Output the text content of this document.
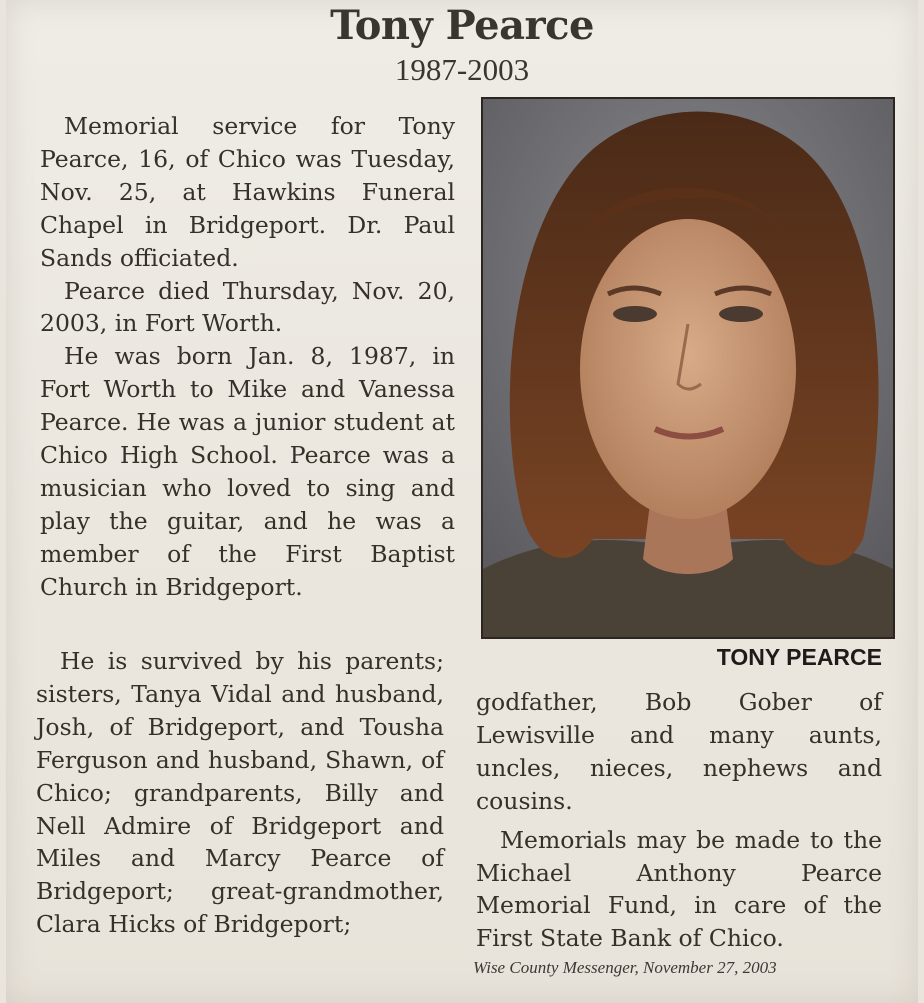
Tony Pearce
1987-2003

Memorial service for Tony Pearce, 16, of Chico was Tuesday, Nov. 25, at Hawkins Funeral Chapel in Bridgeport. Dr. Paul Sands officiated.

Pearce died Thursday, Nov. 20, 2003, in Fort Worth.

He was born Jan. 8, 1987, in Fort Worth to Mike and Vanessa Pearce. He was a junior student at Chico High School. Pearce was a musician who loved to sing and play the guitar, and he was a member of the First Baptist Church in Bridgeport.

He is survived by his parents; sisters, Tanya Vidal and husband, Josh, of Bridgeport, and Tousha Ferguson and husband, Shawn, of Chico; grandparents, Billy and Nell Admire of Bridgeport and Miles and Marcy Pearce of Bridgeport; great-grandmother, Clara Hicks of Bridgeport;

TONY PEARCE

godfather, Bob Gober of Lewisville and many aunts, uncles, nieces, nephews and cousins.

Memorials may be made to the Michael Anthony Pearce Memorial Fund, in care of the First State Bank of Chico.

Wise County Messenger, November 27, 2003
